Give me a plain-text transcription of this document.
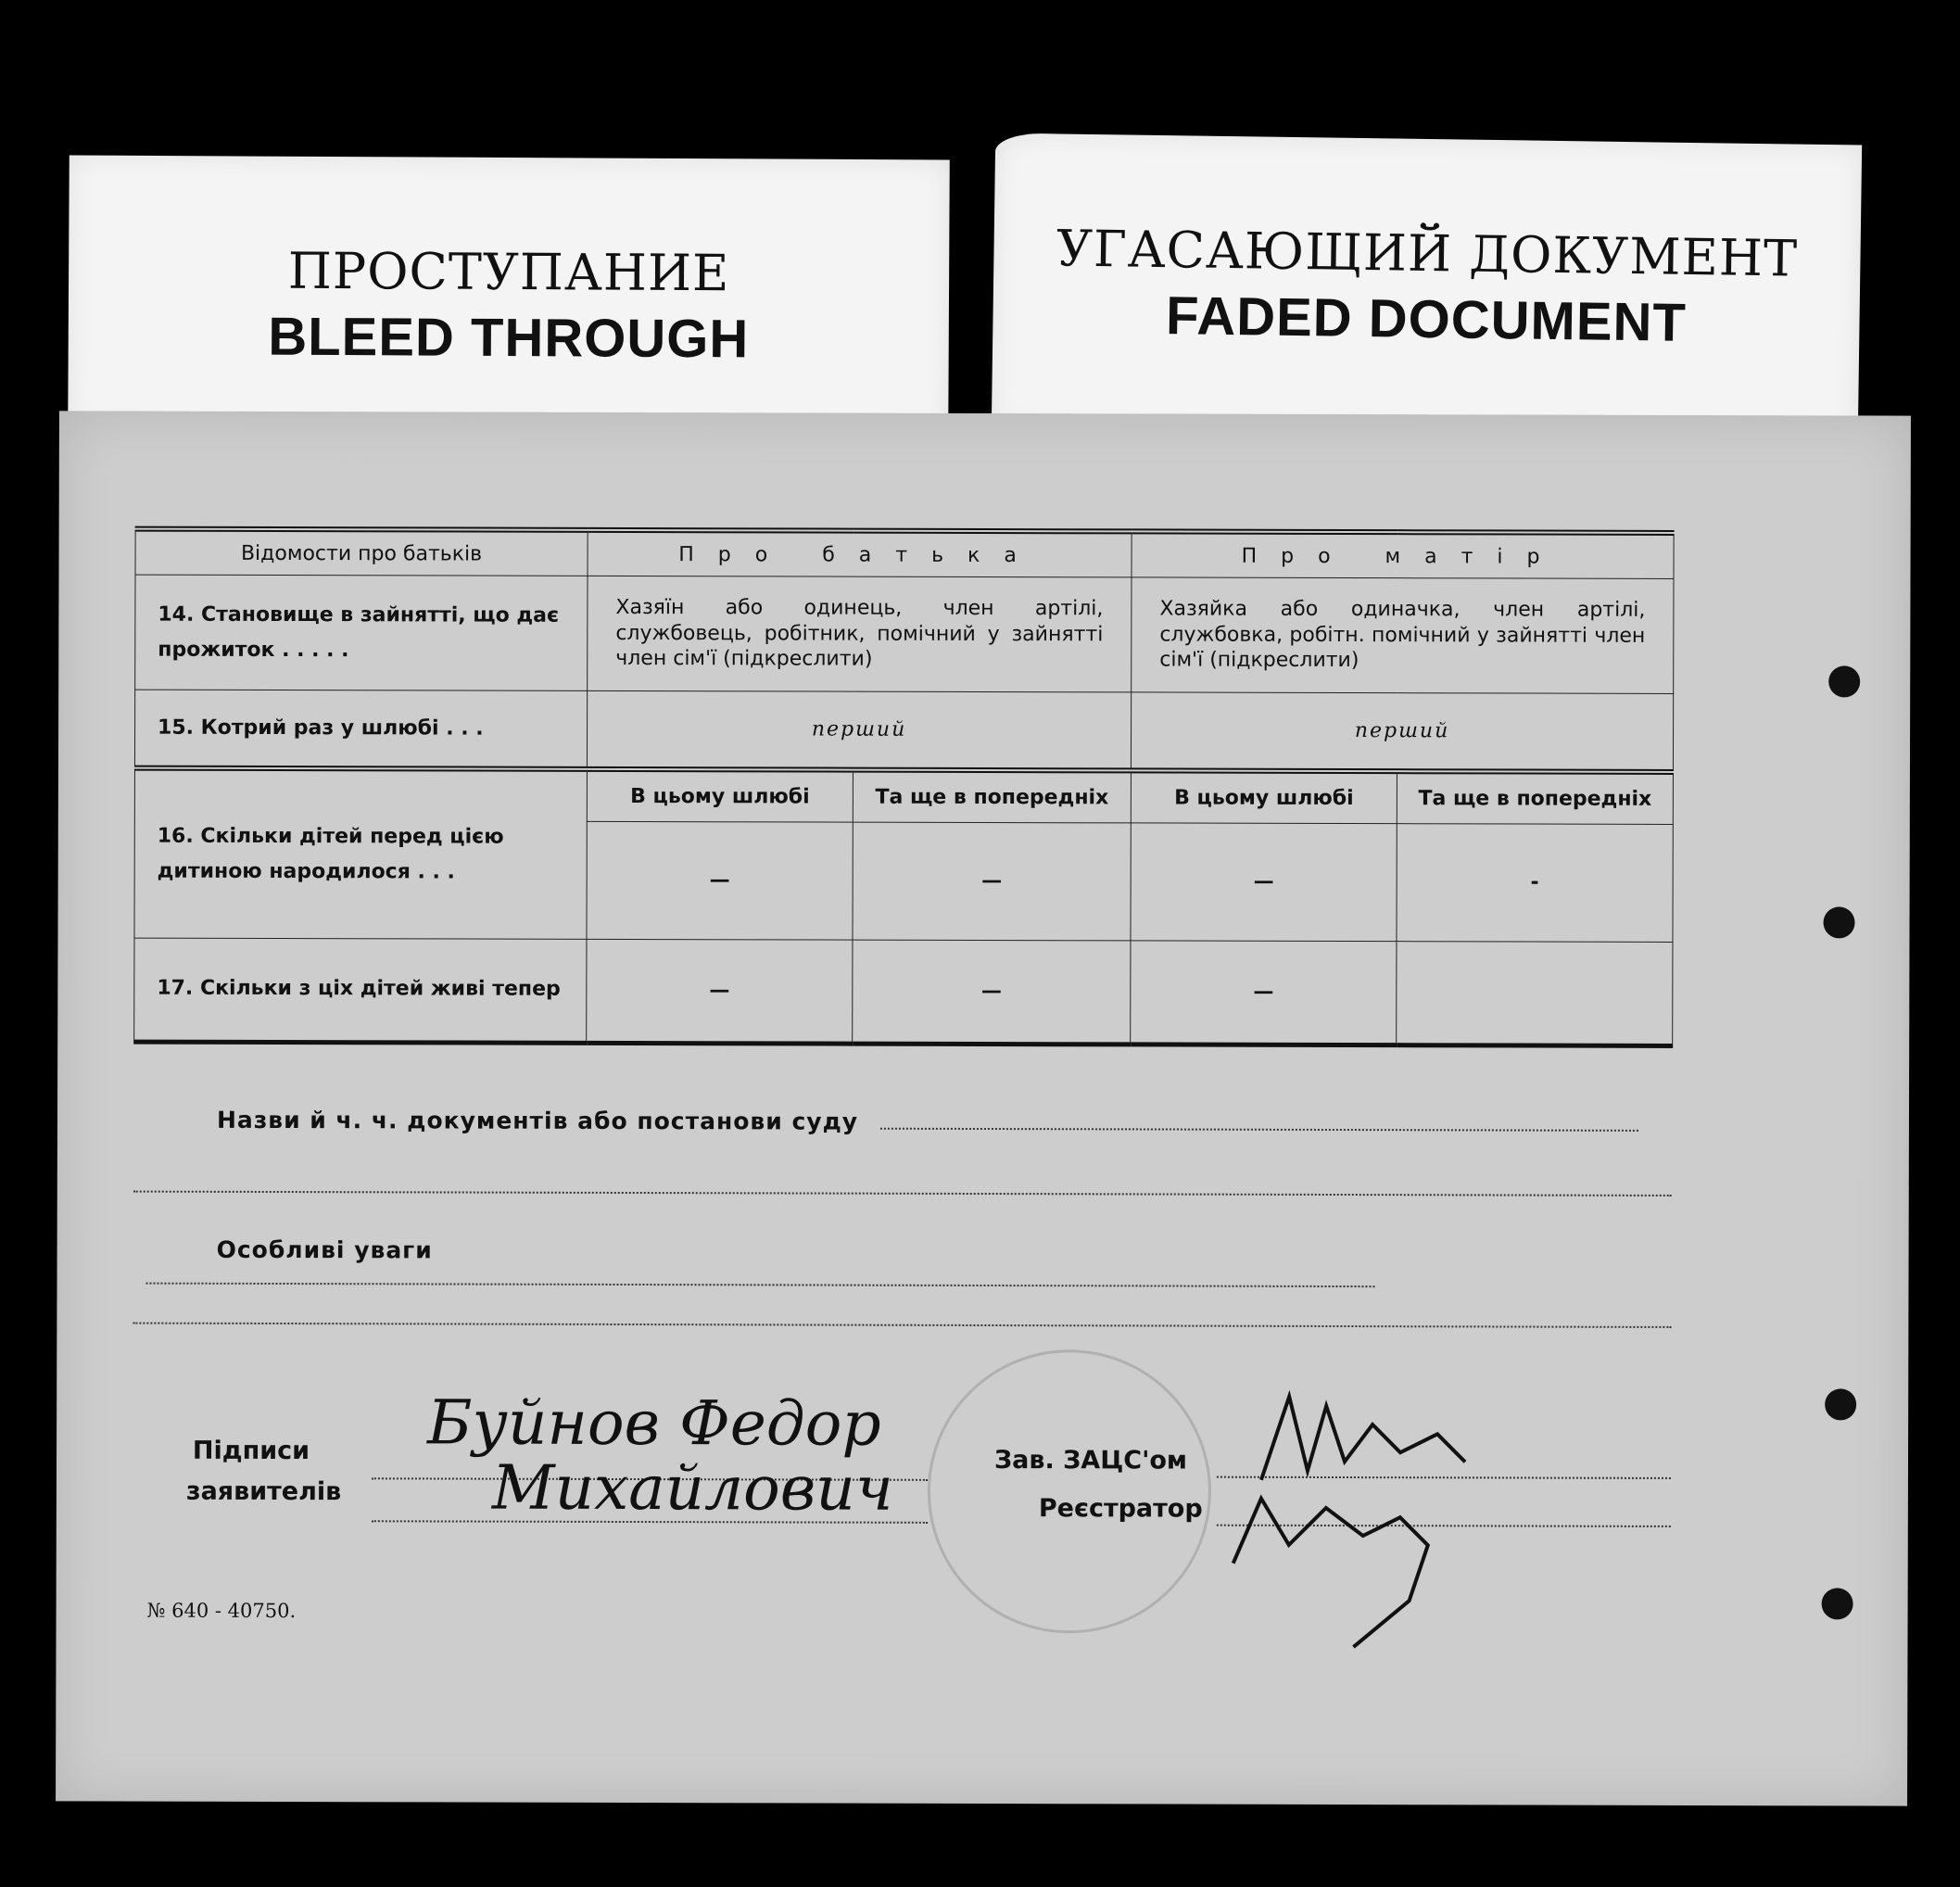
ПРОСТУПАНИЕ
BLEED THROUGH
УГАСАЮЩИЙ ДОКУМЕНТ
FADED DOCUMENT
Відомости про батьків	Про батька		Про матір	
14. Становище в зайнятті, що дає прожиток . . . . .	Хазяїн або одинець, член артілі, службовець, робітник, помічний у зайнятті член сім'ї (підкреслити)		Хазяйка або одиначка, член артілі, службовка, робітн. помічний у зайнятті член сім'ї (підкреслити)	
15. Котрий раз у шлюбі . . .	перший		перший	
16. Скільки дітей перед цією дитиною народилося . . .	В цьому шлюбі	Та ще в попередніх	В цьому шлюбі	Та ще в попередніх
	—	—	—	-
17. Скільки з ціх дітей живі тепер	—	—	—	
Назви й ч. ч. документів або постанови суду
Особливі уваги
Підписи
заявителів
Буйнов Федор
Михайлович	Зав. ЗАЦС'ом
Реєстратор
№ 640 - 40750.
